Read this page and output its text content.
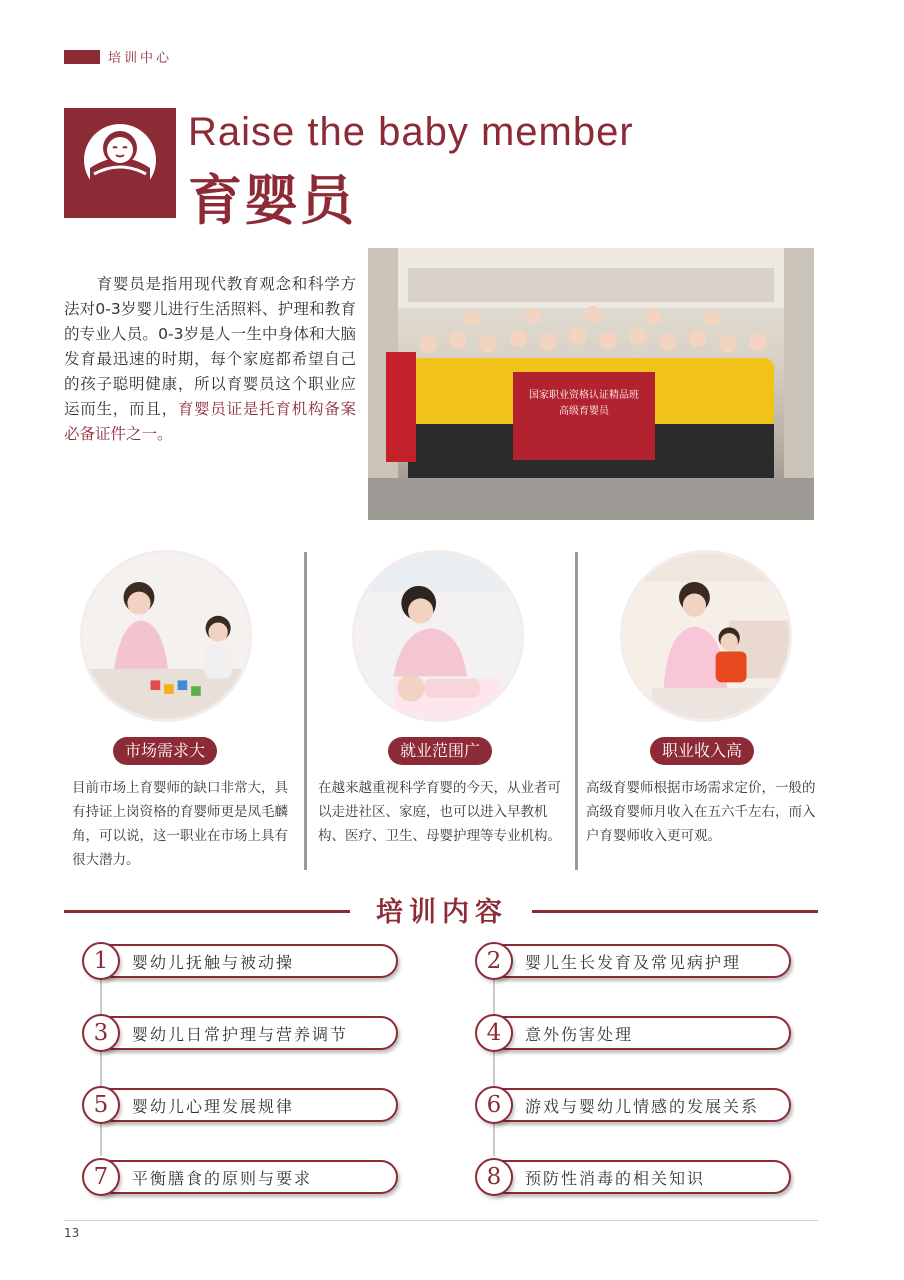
培训中心
Raise the baby member
育婴员

育婴员是指用现代教育观念和科学方法对0-3岁婴儿进行生活照料、护理和教育的专业人员。0-3岁是人一生中身体和大脑发育最迅速的时期，每个家庭都希望自己的孩子聪明健康，所以育婴员这个职业应运而生，而且，育婴员证是托育机构备案必备证件之一。

国家职业资格认证精品班
高级育婴员
市场需求大	就业范围广	职业收入高
目前市场上育婴师的缺口非常大，具有持证上岗资格的育婴师更是凤毛麟角，可以说，这一职业在市场上具有很大潜力。
在越来越重视科学育婴的今天，从业者可以走进社区、家庭，也可以进入早教机构、医疗、卫生、母婴护理等专业机构。
高级育婴师根据市场需求定价，一般的高级育婴师月收入在五六千左右，而入户育婴师收入更可观。
培训内容
1	婴幼儿抚触与被动操	2	婴儿生长发育及常见病护理
3	婴幼儿日常护理与营养调节	4	意外伤害处理
5	婴幼儿心理发展规律	6	游戏与婴幼儿情感的发展关系
7	平衡膳食的原则与要求	8	预防性消毒的相关知识
13
